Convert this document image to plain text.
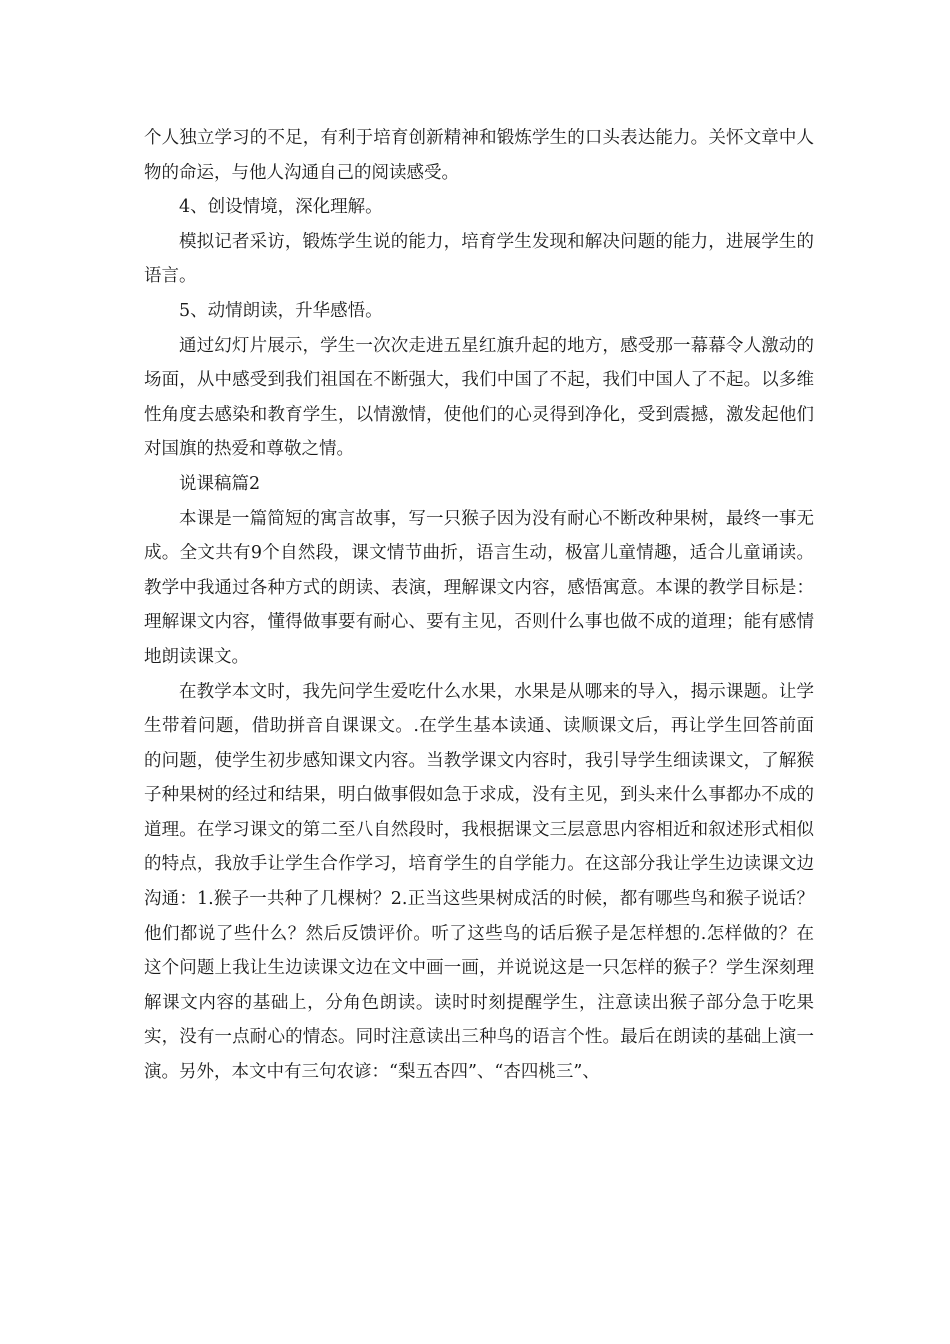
个人独立学习的不足，有利于培育创新精神和锻炼学生的口头表达能力。关怀文章中人物的命运，与他人沟通自己的阅读感受。

4、创设情境，深化理解。

模拟记者采访，锻炼学生说的能力，培育学生发现和解决问题的能力，进展学生的语言。

5、动情朗读，升华感悟。

通过幻灯片展示，学生一次次走进五星红旗升起的地方，感受那一幕幕令人激动的场面，从中感受到我们祖国在不断强大，我们中国了不起，我们中国人了不起。以多维性角度去感染和教育学生，以情激情，使他们的心灵得到净化，受到震撼，激发起他们对国旗的热爱和尊敬之情。

说课稿篇2

本课是一篇简短的寓言故事，写一只猴子因为没有耐心不断改种果树，最终一事无成。全文共有9个自然段，课文情节曲折，语言生动，极富儿童情趣，适合儿童诵读。教学中我通过各种方式的朗读、表演，理解课文内容，感悟寓意。本课的教学目标是：理解课文内容，懂得做事要有耐心、要有主见，否则什么事也做不成的道理；能有感情地朗读课文。

在教学本文时，我先问学生爱吃什么水果，水果是从哪来的导入，揭示课题。让学生带着问题，借助拼音自课课文。.在学生基本读通、读顺课文后，再让学生回答前面的问题，使学生初步感知课文内容。当教学课文内容时，我引导学生细读课文，了解猴子种果树的经过和结果，明白做事假如急于求成，没有主见，到头来什么事都办不成的道理。在学习课文的第二至八自然段时，我根据课文三层意思内容相近和叙述形式相似的特点，我放手让学生合作学习，培育学生的自学能力。在这部分我让学生边读课文边沟通：1.猴子一共种了几棵树？2.正当这些果树成活的时候，都有哪些鸟和猴子说话？他们都说了些什么？然后反馈评价。听了这些鸟的话后猴子是怎样想的.怎样做的？在这个问题上我让生边读课文边在文中画一画，并说说这是一只怎样的猴子？学生深刻理解课文内容的基础上，分角色朗读。读时时刻提醒学生，注意读出猴子部分急于吃果实，没有一点耐心的情态。同时注意读出三种鸟的语言个性。最后在朗读的基础上演一演。另外，本文中有三句农谚：“梨五杏四”、“杏四桃三”、
